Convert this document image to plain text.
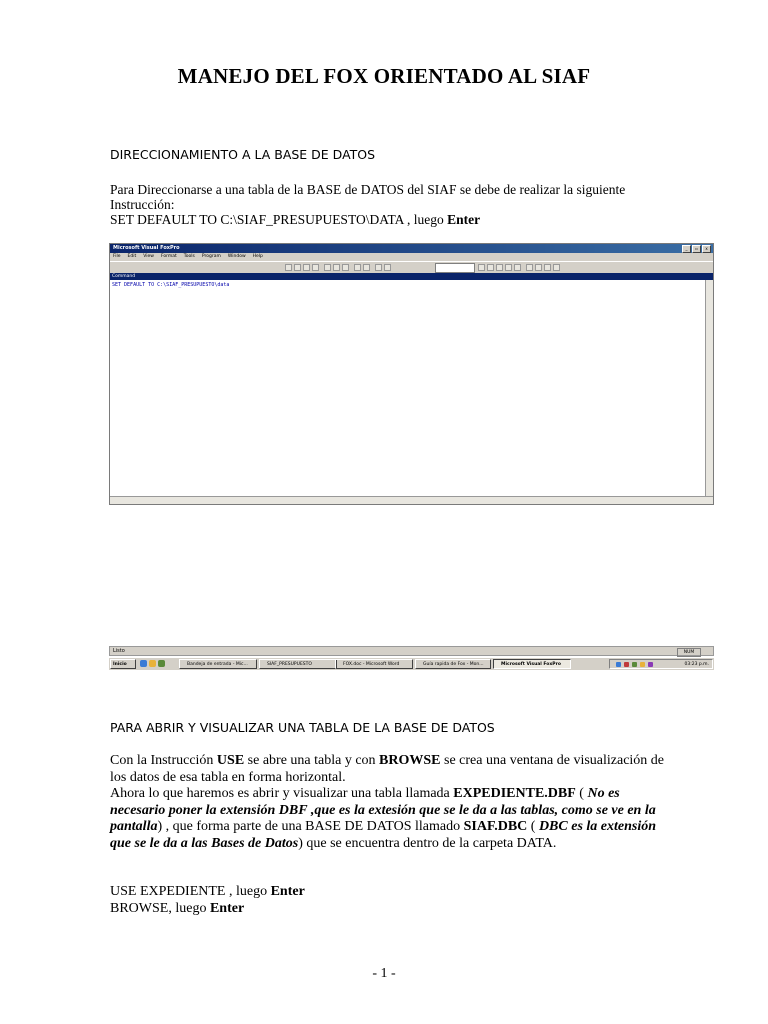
MANEJO DEL FOX ORIENTADO AL SIAF
DIRECCIONAMIENTO A LA BASE DE DATOS
Para Direccionarse a una tabla de la BASE de DATOS del SIAF se debe de realizar la siguiente
Instrucción:
SET DEFAULT TO C:\SIAF_PRESUPUESTO\DATA , luego Enter
Microsoft Visual FoxPro	_	▫	x
File Edit View Format Tools Program Window Help
Command
SET DEFAULT TO C:\SIAF_PRESUPUESTO\data
Listo	NUM
Inicio	Bandeja de entrada - Mic...	SIAF_PRESUPUESTO	FOX.doc - Microsoft Word	Guía rapida de Fox - Mon...	Microsoft Visual FoxPro	03:23 p.m.
PARA ABRIR Y VISUALIZAR UNA TABLA DE LA BASE DE DATOS
Con la Instrucción USE se abre una tabla y con BROWSE se crea una ventana de visualización de los datos de esa tabla en forma horizontal.
Ahora lo que haremos es abrir y visualizar una tabla llamada EXPEDIENTE.DBF ( No es necesario poner la extensión DBF ,que es la extesión que se le da a las tablas, como se ve en la pantalla) , que forma parte de una BASE DE DATOS llamado SIAF.DBC ( DBC es la extensión que se le da a las Bases de Datos) que se encuentra dentro de la carpeta DATA.
USE EXPEDIENTE , luego Enter
BROWSE, luego Enter
- 1 -
